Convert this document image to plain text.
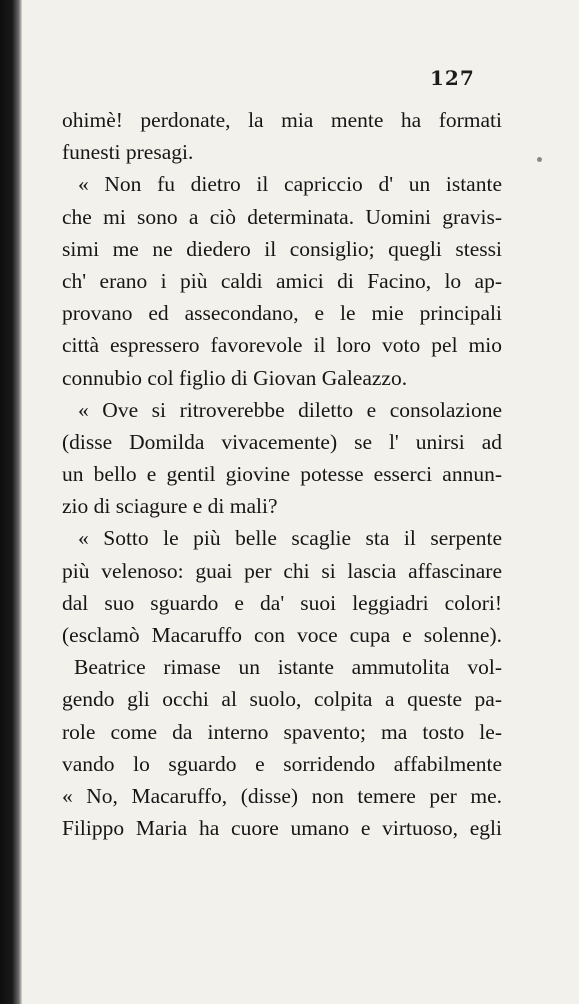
127
ohimè! perdonate, la mia mente ha formati
funesti presagi.
« Non fu dietro il capriccio d' un istante
che mi sono a ciò determinata. Uomini gravis-
simi me ne diedero il consiglio; quegli stessi
ch' erano i più caldi amici di Facino, lo ap-
provano ed assecondano, e le mie principali
città espressero favorevole il loro voto pel mio
connubio col figlio di Giovan Galeazzo.
« Ove si ritroverebbe diletto e consolazione
(disse Domilda vivacemente) se l' unirsi ad
un bello e gentil giovine potesse esserci annun-
zio di sciagure e di mali?
« Sotto le più belle scaglie sta il serpente
più velenoso: guai per chi si lascia affascinare
dal suo sguardo e da' suoi leggiadri colori!
(esclamò Macaruffo con voce cupa e solenne).
Beatrice rimase un istante ammutolita vol-
gendo gli occhi al suolo, colpita a queste pa-
role come da interno spavento; ma tosto le-
vando lo sguardo e sorridendo affabilmente
« No, Macaruffo, (disse) non temere per me.
Filippo Maria ha cuore umano e virtuoso, egli
